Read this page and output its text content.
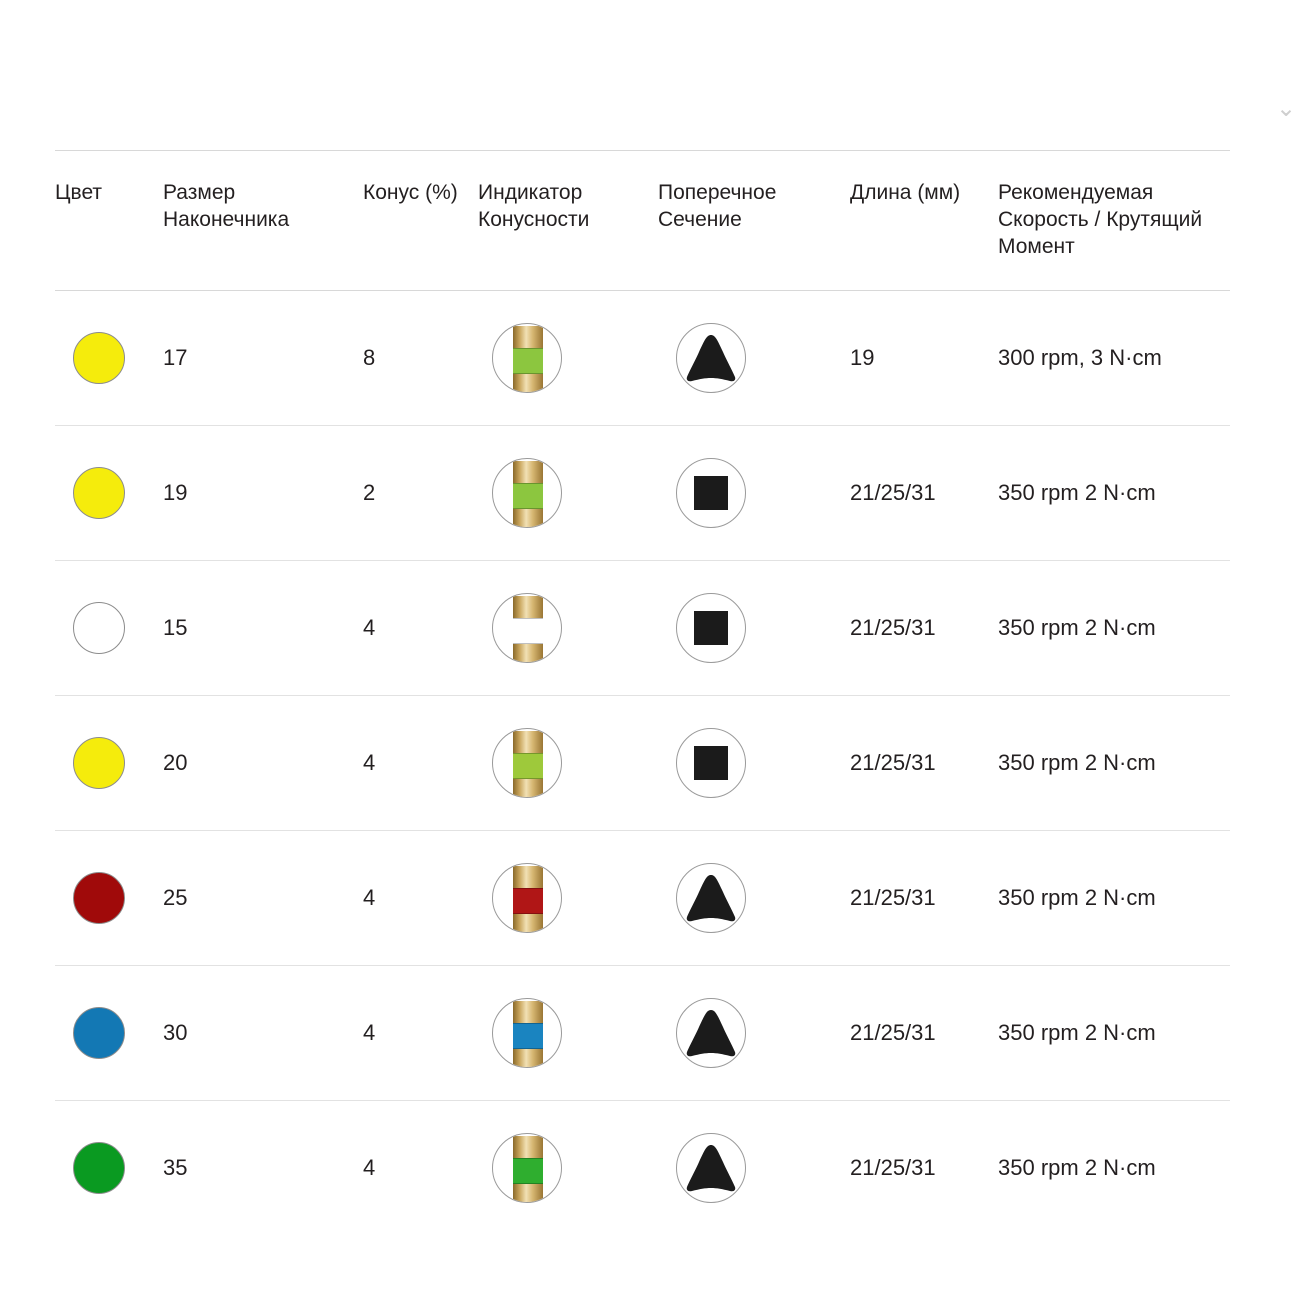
⌄
Цвет	Размер Наконечника	Конус (%)	Индикатор Конусности	Поперечное Сечение	Длина (мм)	Рекомендуемая Скорость / Крутящий Момент

	17	8			19	300 rpm, 3 N·cm

	19	2			21/25/31	350 rpm 2 N·cm

	15	4			21/25/31	350 rpm 2 N·cm

	20	4			21/25/31	350 rpm 2 N·cm

	25	4			21/25/31	350 rpm 2 N·cm

	30	4			21/25/31	350 rpm 2 N·cm

	35	4			21/25/31	350 rpm 2 N·cm
